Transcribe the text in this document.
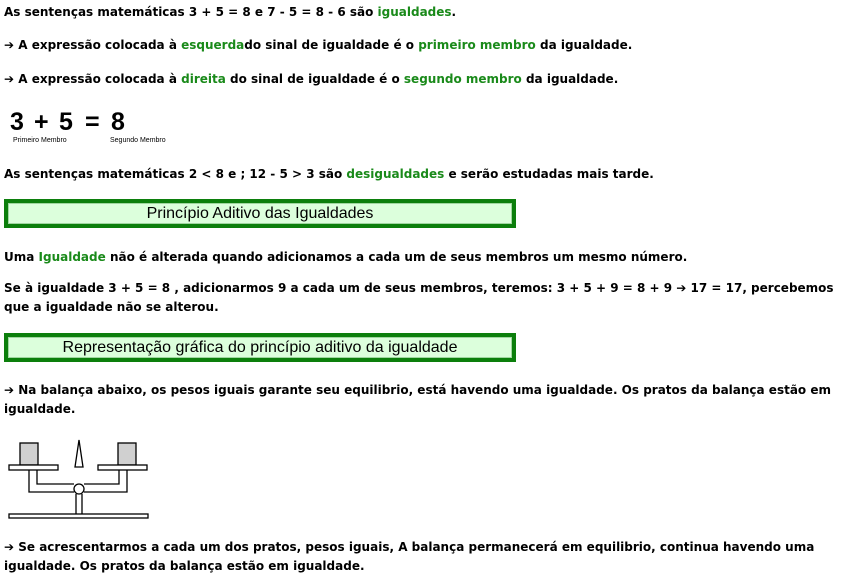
As sentenças matemáticas 3 + 5 = 8 e 7 - 5 = 8 - 6 são igualdades.
➔ A expressão colocada à esquerdado sinal de igualdade é o primeiro membro da igualdade.
➔ A expressão colocada à direita do sinal de igualdade é o segundo membro da igualdade.
3 + 5 = 8
Primeiro Membro	Segundo Membro
As sentenças matemáticas 2 < 8 e ; 12 - 5 > 3 são desigualdades e serão estudadas mais tarde.
Princípio Aditivo das Igualdades
Uma Igualdade não é alterada quando adicionamos a cada um de seus membros um mesmo número.
Se à igualdade 3 + 5 = 8 , adicionarmos 9 a cada um de seus membros, teremos: 3 + 5 + 9 = 8 + 9 ➔ 17 = 17, percebemos que a igualdade não se alterou.
Representação gráfica do princípio aditivo da igualdade
➔ Na balança abaixo, os pesos iguais garante seu equilibrio, está havendo uma igualdade. Os pratos da balança estão em igualdade.
➔ Se acrescentarmos a cada um dos pratos, pesos iguais, A balança permanecerá em equilibrio, continua havendo uma igualdade. Os pratos da balança estão em igualdade.
